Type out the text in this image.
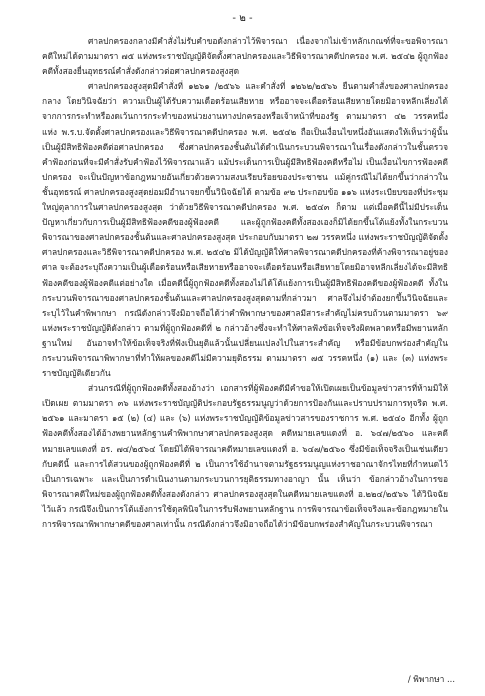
- ๒ -

ศาลปกครองกลางมีคำสั่งไม่รับคำขอดังกล่าวไว้พิจารณา เนื่องจากไม่เข้าหลักเกณฑ์ที่จะขอพิจารณาคดีใหม่ได้ตามมาตรา ๗๕ แห่งพระราชบัญญัติจัดตั้งศาลปกครองและวิธีพิจารณาคดีปกครอง พ.ศ. ๒๕๔๒ ผู้ถูกฟ้องคดีทั้งสองยื่นอุทธรณ์คำสั่งดังกล่าวต่อศาลปกครองสูงสุด

ศาลปกครองสูงสุดมีคำสั่งที่ ๑๒๖๑ /๒๕๖๖ และคำสั่งที่ ๑๒๖๒/๒๕๖๖ ยืนตามคำสั่งของศาลปกครองกลาง โดยวินิจฉัยว่า ความเป็นผู้ได้รับความเดือดร้อนเสียหาย หรืออาจจะเดือดร้อนเสียหายโดยมิอาจหลีกเลี่ยงได้จากการกระทำหรืองดเว้นการกระทำของหน่วยงานทางปกครองหรือเจ้าหน้าที่ของรัฐ ตามมาตรา ๔๒ วรรคหนึ่ง แห่ง พ.ร.บ.จัดตั้งศาลปกครองและวิธีพิจารณาคดีปกครอง พ.ศ. ๒๕๔๒ ถือเป็นเงื่อนไขหนึ่งอันแสดงให้เห็นว่าผู้นั้นเป็นผู้มีสิทธิฟ้องคดีต่อศาลปกครอง ซึ่งศาลปกครองชั้นต้นได้ดำเนินกระบวนพิจารณาในเรื่องดังกล่าวในชั้นตรวจคำฟ้องก่อนที่จะมีคำสั่งรับคำฟ้องไว้พิจารณาแล้ว แม้ประเด็นการเป็นผู้มีสิทธิฟ้องคดีหรือไม่ เป็นเงื่อนไขการฟ้องคดีปกครอง จะเป็นปัญหาข้อกฎหมายอันเกี่ยวด้วยความสงบเรียบร้อยของประชาชน แม้คู่กรณีไม่ได้ยกขึ้นว่ากล่าวในชั้นอุทธรณ์ ศาลปกครองสูงสุดย่อมมีอำนาจยกขึ้นวินิจฉัยได้ ตามข้อ ๙๒ ประกอบข้อ ๑๑๖ แห่งระเบียบของที่ประชุมใหญ่ตุลาการในศาลปกครองสูงสุด ว่าด้วยวิธีพิจารณาคดีปกครอง พ.ศ. ๒๕๔๓ ก็ตาม แต่เมื่อคดีนี้ไม่มีประเด็นปัญหาเกี่ยวกับการเป็นผู้มีสิทธิฟ้องคดีของผู้ฟ้องคดี และผู้ถูกฟ้องคดีทั้งสองเองก็มิได้ยกขึ้นโต้แย้งทั้งในกระบวนพิจารณาของศาลปกครองชั้นต้นและศาลปกครองสูงสุด ประกอบกับมาตรา ๒๗ วรรคหนึ่ง แห่งพระราชบัญญัติจัดตั้งศาลปกครองและวิธีพิจารณาคดีปกครอง พ.ศ. ๒๕๔๒ มิได้บัญญัติให้ศาลพิจารณาคดีปกครองที่ค้างพิจารณาอยู่ของศาล จะต้องระบุถึงความเป็นผู้เดือดร้อนหรือเสียหายหรืออาจจะเดือดร้อนหรือเสียหายโดยมิอาจหลีกเลี่ยงได้จะมีสิทธิฟ้องคดีของผู้ฟ้องคดีแต่อย่างใด เมื่อคดีนี้ผู้ถูกฟ้องคดีทั้งสองไม่ได้โต้แย้งการเป็นผู้มีสิทธิฟ้องคดีของผู้ฟ้องคดี ทั้งในกระบวนพิจารณาของศาลปกครองชั้นต้นและศาลปกครองสูงสุดตามที่กล่าวมา ศาลจึงไม่จำต้องยกขึ้นวินิจฉัยและระบุไว้ในคำพิพากษา กรณีดังกล่าวจึงมิอาจถือได้ว่าคำพิพากษาของศาลมีสาระสำคัญไม่ครบถ้วนตามมาตรา ๖๙ แห่งพระราชบัญญัติดังกล่าว ตามที่ผู้ถูกฟ้องคดีที่ ๒ กล่าวอ้างซึ่งจะทำให้ศาลฟังข้อเท็จจริงผิดพลาดหรือมีพยานหลักฐานใหม่ อันอาจทำให้ข้อเท็จจริงที่ฟังเป็นยุติแล้วนั้นเปลี่ยนแปลงไปในสาระสำคัญ หรือมีข้อบกพร่องสำคัญในกระบวนพิจารณาพิพากษาที่ทำให้ผลของคดีไม่มีความยุติธรรม ตามมาตรา ๗๕ วรรคหนึ่ง (๑) และ (๓) แห่งพระราชบัญญัติเดียวกัน

ส่วนกรณีที่ผู้ถูกฟ้องคดีทั้งสองอ้างว่า เอกสารที่ผู้ฟ้องคดีมีคำขอให้เปิดเผยเป็นข้อมูลข่าวสารที่ห้ามมิให้เปิดเผย ตามมาตรา ๓๖ แห่งพระราชบัญญัติประกอบรัฐธรรมนูญว่าด้วยการป้องกันและปราบปรามการทุจริต พ.ศ. ๒๕๖๑ และมาตรา ๑๕ (๒) (๔) และ (๖) แห่งพระราชบัญญัติข้อมูลข่าวสารของราชการ พ.ศ. ๒๕๔๐ อีกทั้ง ผู้ถูกฟ้องคดีทั้งสองได้อ้างพยานหลักฐานคำพิพากษาศาลปกครองสูงสุด คดีหมายเลขแดงที่ อ. ๖๔๗/๒๕๖๐ และคดีหมายเลขแดงที่ อร. ๗๔/๒๕๖๔ โดยมิได้พิจารณาคดีหมายเลขแดงที่ อ. ๖๔๗/๒๕๖๐ ซึ่งมีข้อเท็จจริงเป็นเช่นเดียวกับคดีนี้ และการได้สวนของผู้ถูกฟ้องคดีที่ ๒ เป็นการใช้อำนาจตามรัฐธรรมนูญแห่งราชอาณาจักรไทยที่กำหนดไว้เป็นการเฉพาะ และเป็นการดำเนินงานตามกระบวนการยุติธรรมทางอาญา นั้น เห็นว่า ข้อกล่าวอ้างในการขอพิจารณาคดีใหม่ของผู้ถูกฟ้องคดีทั้งสองดังกล่าว ศาลปกครองสูงสุดในคดีหมายเลขแดงที่ อ.๒๒๔/๒๕๖๖ ได้วินิจฉัยไว้แล้ว กรณีจึงเป็นการโต้แย้งการใช้ดุลพินิจในการรับฟังพยานหลักฐาน การพิจารณาข้อเท็จจริงและข้อกฎหมายในการพิจารณาพิพากษาคดีของศาลเท่านั้น กรณีดังกล่าวจึงมิอาจถือได้ว่ามีข้อบกพร่องสำคัญในกระบวนพิจารณา

/ พิพากษา ...
